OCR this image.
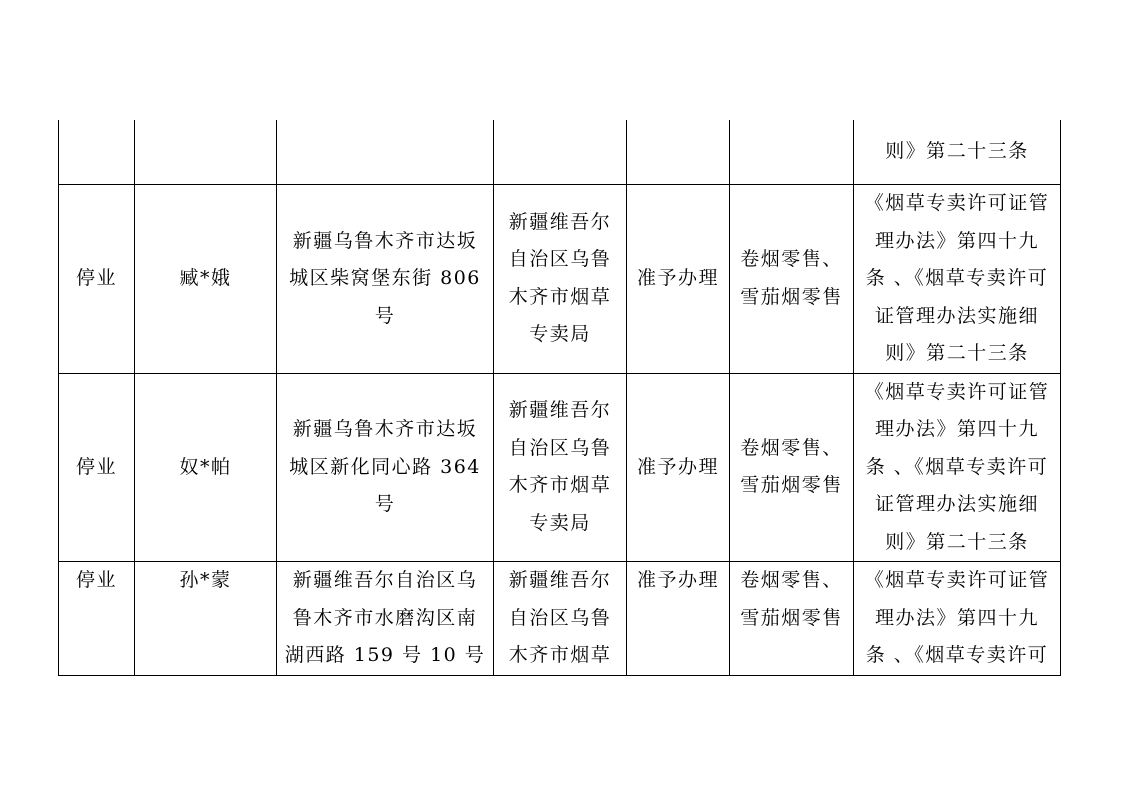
						则》第二十三条
停业	臧*娥	新疆乌鲁木齐市达坂城区柴窝堡东街 806号	新疆维吾尔自治区乌鲁木齐市烟草专卖局	准予办理	卷烟零售、雪茄烟零售	《烟草专卖许可证管理办法》第四十九条 、《烟草专卖许可证管理办法实施细则》第二十三条
停业	奴*帕	新疆乌鲁木齐市达坂城区新化同心路 364号	新疆维吾尔自治区乌鲁木齐市烟草专卖局	准予办理	卷烟零售、雪茄烟零售	《烟草专卖许可证管理办法》第四十九条 、《烟草专卖许可证管理办法实施细则》第二十三条
停业	孙*蒙	新疆维吾尔自治区乌鲁木齐市水磨沟区南湖西路 159 号 10 号	新疆维吾尔自治区乌鲁木齐市烟草	准予办理	卷烟零售、雪茄烟零售	《烟草专卖许可证管理办法》第四十九条 、《烟草专卖许可
